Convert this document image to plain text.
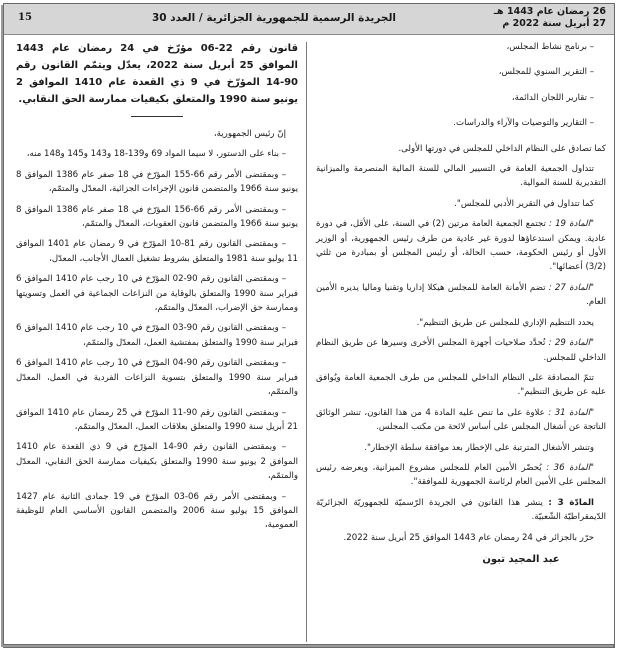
15	الجريدة الرسمية للجمهورية الجزائرية / العدد 30
26 رمضان عام 1443 هـ
27 أبريل سنة 2022 م

قانون رقم 22-06 مؤرّخ في 24 رمضان عام 1443 الموافق 25 أبريل سنة 2022، يعدّل ويتمّم القانون رقم 90-14 المؤرّخ في 9 ذي القعدة عام 1410 الموافق 2 يونيو سنة 1990 والمتعلق بكيفيات ممارسة الحق النقابي.

إنّ رئيس الجمهورية،

– بناء على الدستور، لا سيما المواد 69 و139-18 و143 و145 و148 منه،

– وبمقتضى الأمر رقم 66-155 المؤرّخ في 18 صفر عام 1386 الموافق 8 يونيو سنة 1966 والمتضمن قانون الإجراءات الجزائية، المعدّل والمتمّم،

– وبمقتضى الأمر رقم 66-156 المؤرّخ في 18 صفر عام 1386 الموافق 8 يونيو سنة 1966 والمتضمن قانون العقوبات، المعدّل والمتمّم،

– وبمقتضى القانون رقم 81-10 المؤرّخ في 9 رمضان عام 1401 الموافق 11 يوليو سنة 1981 والمتعلق بشروط تشغيل العمال الأجانب، المعدّل،

– وبمقتضى القانون رقم 90-02 المؤرّخ في 10 رجب عام 1410 الموافق 6 فبراير سنة 1990 والمتعلق بالوقاية من النزاعات الجماعية في العمل وتسويتها وممارسة حق الإضراب، المعدّل والمتمّم،

– وبمقتضى القانون رقم 90-03 المؤرّخ في 10 رجب عام 1410 الموافق 6 فبراير سنة 1990 والمتعلق بمفتشية العمل، المعدّل والمتمّم،

– وبمقتضى القانون رقم 90-04 المؤرّخ في 10 رجب عام 1410 الموافق 6 فبراير سنة 1990 والمتعلق بتسوية النزاعات الفردية في العمل، المعدّل والمتمّم،

– وبمقتضى القانون رقم 90-11 المؤرّخ في 25 رمضان عام 1410 الموافق 21 أبريل سنة 1990 والمتعلق بعلاقات العمل، المعدّل والمتمّم،

– وبمقتضى القانون رقم 90-14 المؤرّخ في 9 ذي القعدة عام 1410 الموافق 2 يونيو سنة 1990 والمتعلق بكيفيات ممارسة الحق النقابي، المعدّل والمتمّم،

– وبمقتضى الأمر رقم 06-03 المؤرّخ في 19 جمادى الثانية عام 1427 الموافق 15 يوليو سنة 2006 والمتضمن القانون الأساسي العام للوظيفة العمومية،

– برنامج نشاط المجلس،

– التقرير السنوي للمجلس،

– تقارير اللجان الدائمة،

– التقارير والتوصيات والآراء والدراسات.

كما تصادق على النظام الداخلي للمجلس في دورتها الأولى.

تتداول الجمعية العامة في التسيير المالي للسنة المالية المنصرمة والميزانية التقديرية للسنة الموالية.

كما تتداول في التقرير الأدبي للمجلس".

"المادة 19 : تجتمع الجمعية العامة مرتين (2) في السنة، على الأقل، في دورة عادية. ويمكن استدعاؤها لدورة غير عادية من طرف رئيس الجمهورية، أو الوزير الأول أو رئيس الحكومة، حسب الحالة، أو رئيس المجلس أو بمبادرة من ثلثي (3/2) أعضائها".

"المادة 27 : تضم الأمانة العامة للمجلس هيكلا إداريا وتقنيا وماليا يديره الأمين العام.

يحدد التنظيم الإداري للمجلس عن طريق التنظيم".

"المادة 29 : تُحدَّد صلاحيات أجهزة المجلس الأخرى وسيرها عن طريق النظام الداخلي للمجلس.

تتمّ المصادقة على النظام الداخلي للمجلس من طرف الجمعية العامة ويُوافق عليه عن طريق التنظيم".

"المادة 31 : علاوة على ما تنص عليه المادة 4 من هذا القانون، تنشر الوثائق الناتجة عن أشغال المجلس على أساس لائحة من مكتب المجلس.

وتنشر الأشغال المترتبة على الإخطار بعد موافقة سلطة الإخطار".

"المادة 36 : يُحضّر الأمين العام للمجلس مشروع الميزانية، ويعرضه رئيس المجلس على الأمين العام لرئاسة الجمهورية للموافقة".

المادّة 3 : ينشر هذا القانون في الجريدة الرّسميّة للجمهوريّة الجزائريّة الدّيمقراطيّة الشّعبيّة.

حرّر بالجزائر في 24 رمضان عام 1443 الموافق 25 أبريل سنة 2022.

عبد المجيد تبون
